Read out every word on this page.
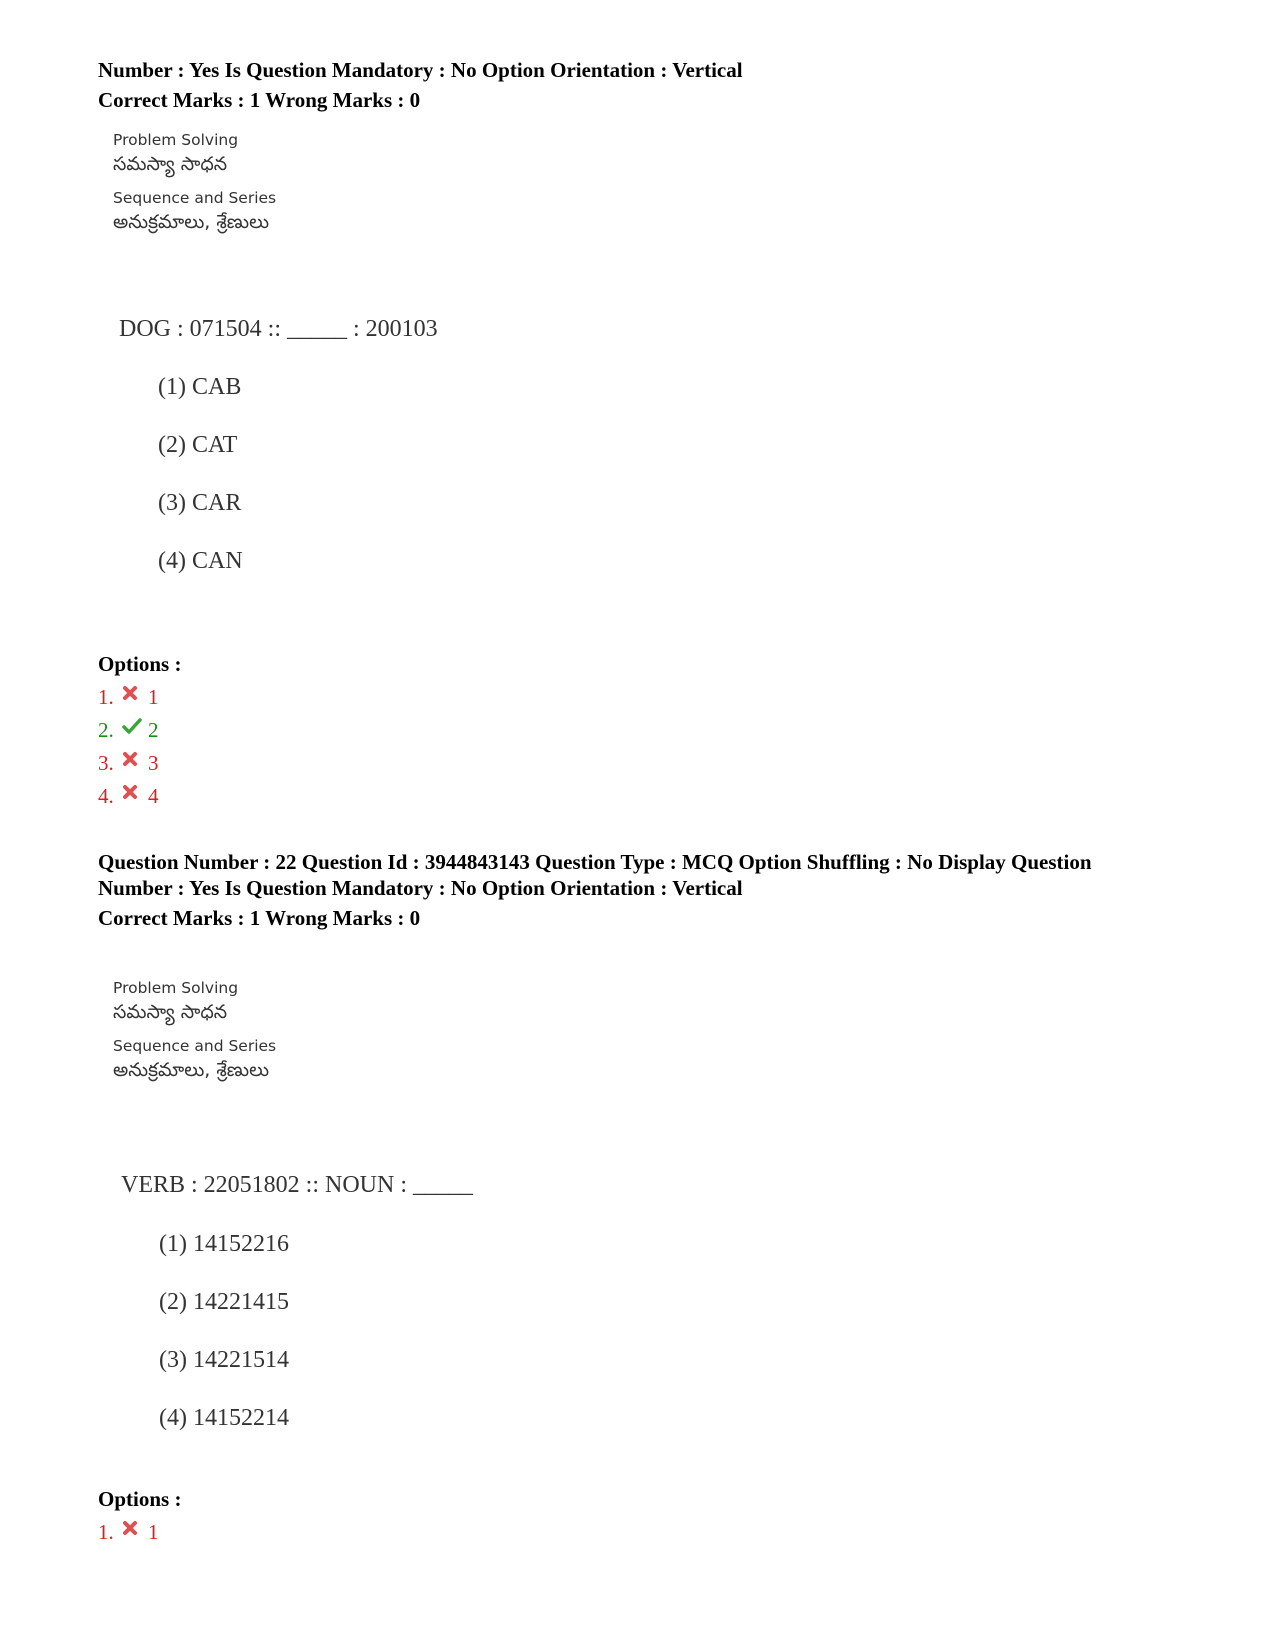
Number : Yes Is Question Mandatory : No Option Orientation : Vertical
Correct Marks : 1 Wrong Marks : 0
Problem Solving
సమస్యా సాధన
Sequence and Series
అనుక్రమాలు, శ్రేణులు
DOG : 071504 :: _____ : 200103
(1) CAB
(2) CAT
(3) CAR
(4) CAN
Options :
1.	1
2.	2
3.	3
4.	4
Question Number : 22 Question Id : 3944843143 Question Type : MCQ Option Shuffling : No Display Question
Number : Yes Is Question Mandatory : No Option Orientation : Vertical
Correct Marks : 1 Wrong Marks : 0
Problem Solving
సమస్యా సాధన
Sequence and Series
అనుక్రమాలు, శ్రేణులు
VERB : 22051802 :: NOUN : _____
(1) 14152216
(2) 14221415
(3) 14221514
(4) 14152214
Options :
1.	1
